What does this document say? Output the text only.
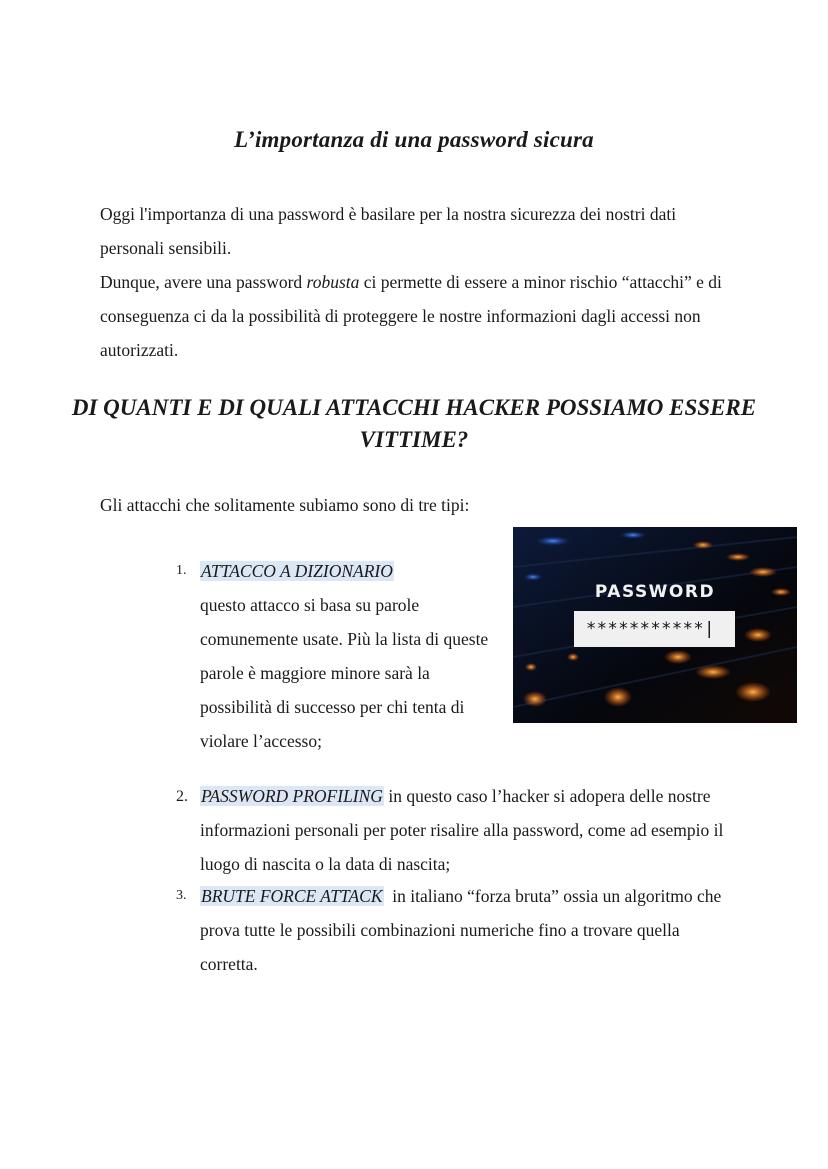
L’importanza di una password sicura

Oggi l'importanza di una password è basilare per la nostra sicurezza dei nostri dati personali sensibili.

Dunque, avere una password robusta ci permette di essere a minor rischio “attacchi” e di conseguenza ci da la possibilità di proteggere le nostre informazioni dagli accessi non autorizzati.

DI QUANTI E DI QUALI ATTACCHI HACKER POSSIAMO ESSERE VITTIME?
Gli attacchi che solitamente subiamo sono di tre tipi:
1. ATTACCO A DIZIONARIO
questo attacco si basa su parole comunemente usate. Più la lista di queste parole è maggiore minore sarà la possibilità di successo per chi tenta di violare l’accesso;
PASSWORD
***********|
2. PASSWORD PROFILING in questo caso l’hacker si adopera delle nostre informazioni personali per poter risalire alla password, come ad esempio il luogo di nascita o la data di nascita;
3. BRUTE FORCE ATTACK  in italiano “forza bruta” ossia un algoritmo che prova tutte le possibili combinazioni numeriche fino a trovare quella corretta.
